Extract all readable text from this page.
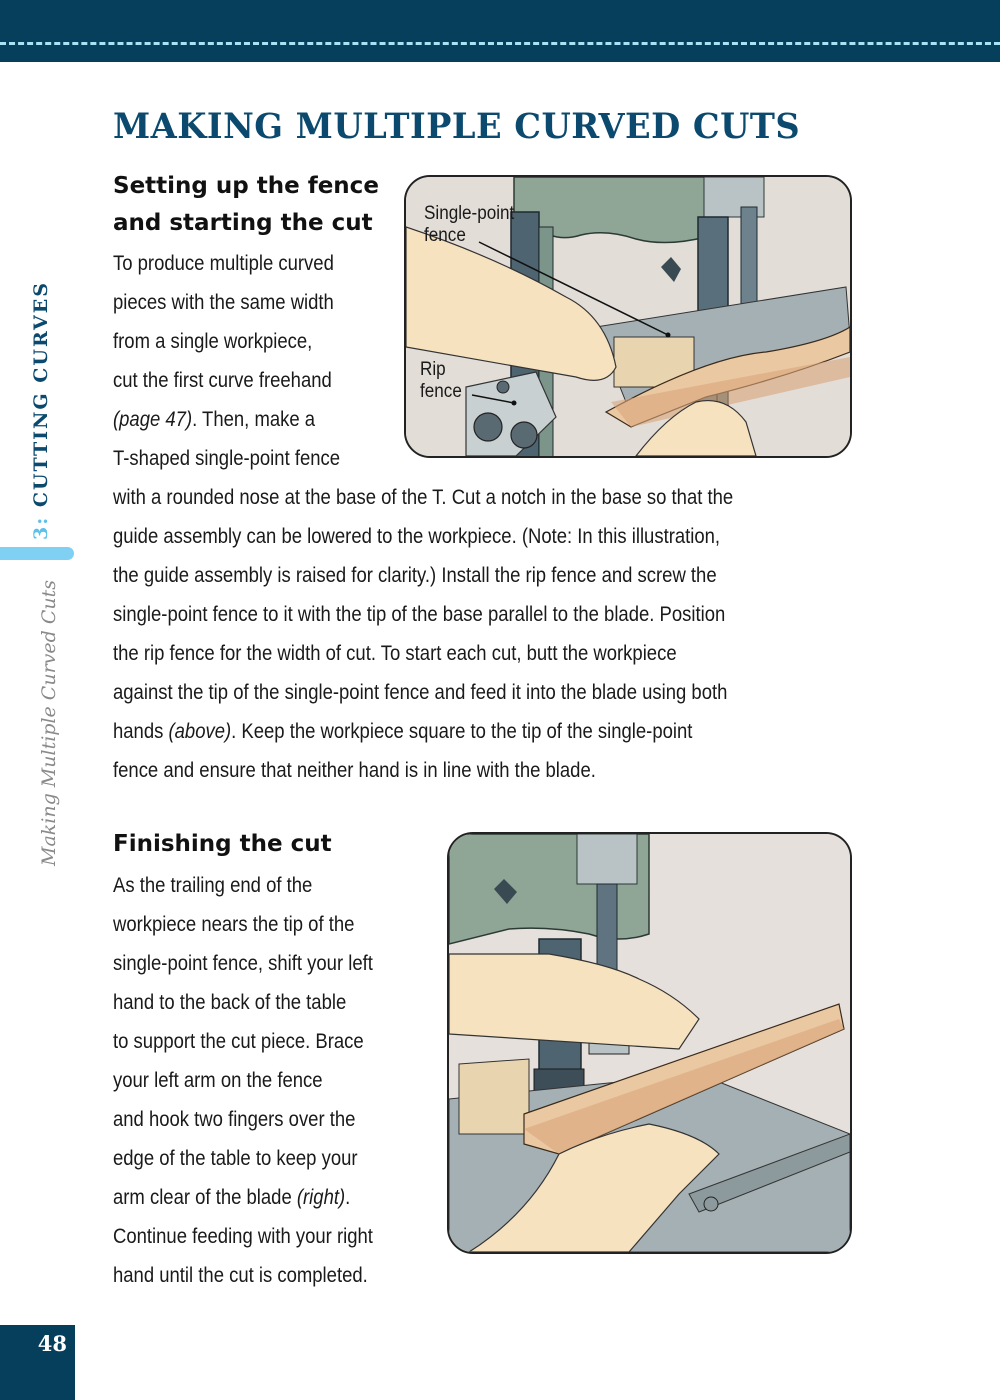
MAKING MULTIPLE CURVED CUTS
3: CUTTING CURVES
Making Multiple Curved Cuts
Setting up the fence
and starting the cut
To produce multiple curved
pieces with the same width
from a single workpiece,
cut the first curve freehand
(page 47). Then, make a
T-shaped single-point fence
with a rounded nose at the base of the T. Cut a notch in the base so that the
guide assembly can be lowered to the workpiece. (Note: In this illustration,
the guide assembly is raised for clarity.) Install the rip fence and screw the
single-point fence to it with the tip of the base parallel to the blade. Position
the rip fence for the width of cut. To start each cut, butt the workpiece
against the tip of the single-point fence and feed it into the blade using both
hands (above). Keep the workpiece square to the tip of the single-point
fence and ensure that neither hand is in line with the blade.
Single-point
fence
Rip
fence
Finishing the cut
As the trailing end of the
workpiece nears the tip of the
single-point fence, shift your left
hand to the back of the table
to support the cut piece. Brace
your left arm on the fence
and hook two fingers over the
edge of the table to keep your
arm clear of the blade (right).
Continue feeding with your right
hand until the cut is completed.
48
